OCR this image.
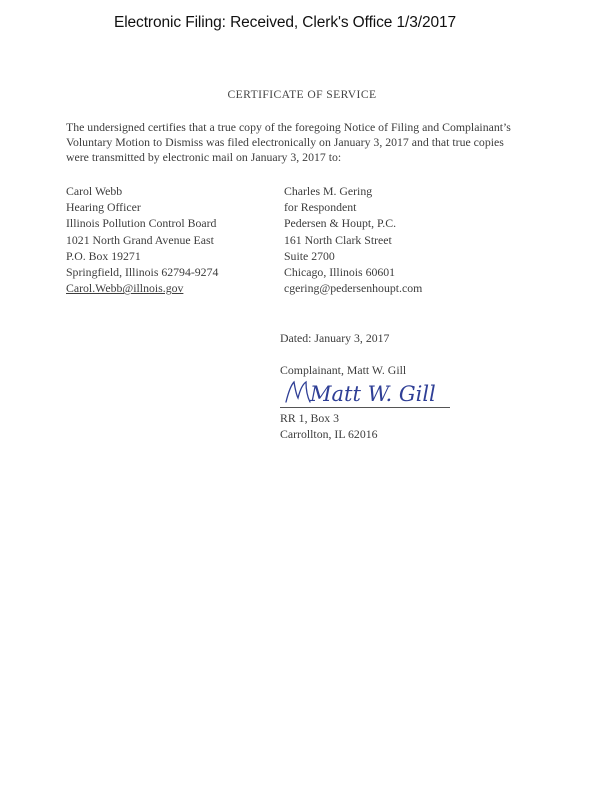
Electronic Filing: Received, Clerk's Office 1/3/2017
CERTIFICATE OF SERVICE
The undersigned certifies that a true copy of the foregoing Notice of Filing and Complainant’s
Voluntary Motion to Dismiss was filed electronically on January 3, 2017 and that true copies
were transmitted by electronic mail on January 3, 2017 to:
Carol Webb
Hearing Officer
Illinois Pollution Control Board
1021 North Grand Avenue East
P.O. Box 19271
Springfield, Illinois 62794-9274
Carol.Webb@illnois.gov
Charles M. Gering
for Respondent
Pedersen & Houpt, P.C.
161 North Clark Street
Suite 2700
Chicago, Illinois 60601
cgering@pedersenhoupt.com
Dated: January 3, 2017
Complainant, Matt W. Gill
Matt W. Gill
RR 1, Box 3
Carrollton, IL 62016
